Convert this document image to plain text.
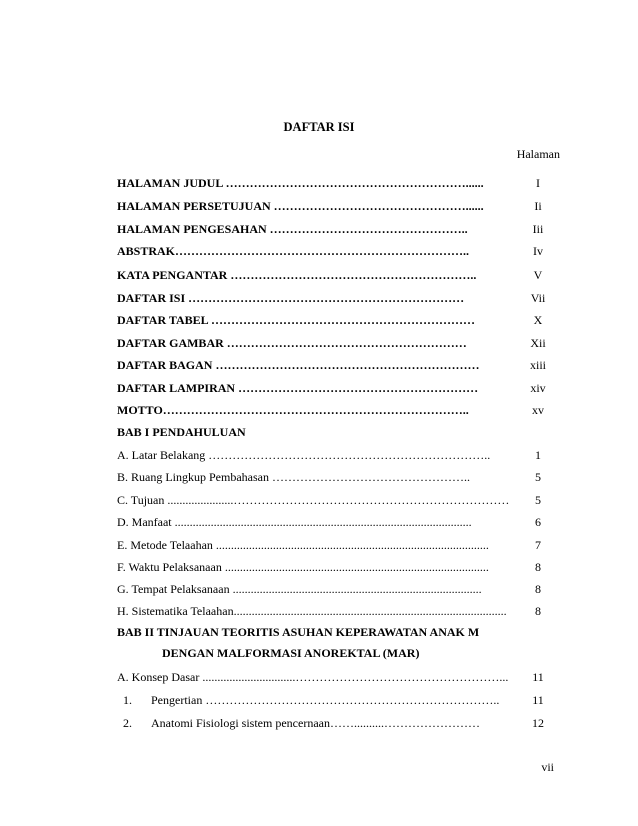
DAFTAR ISI
Halaman
HALAMAN JUDUL ……………………………………………………......	I
HALAMAN PERSETUJUAN …………………………………………......	Ii
HALAMAN PENGESAHAN …………………………………………..	Iii
ABSTRAK………………………………………………………………..	Iv
KATA PENGANTAR ……………………………………………………..	V
DAFTAR ISI ……………………………………………………………	Vii
DAFTAR TABEL …………………………………………………………	X
DAFTAR GAMBAR ……………………………………………………	Xii
DAFTAR BAGAN …………………………………………………………	xiii
DAFTAR LAMPIRAN ……………………………………………………	xiv
MOTTO…………………………………………………………………..	xv
BAB I PENDAHULUAN
A. Latar Belakang ……………………………………………………………..	1
B. Ruang Lingkup Pembahasan …………………………………………..	5
C. Tujuan ......................……………………………………………………………	5
D. Manfaat ...................................................................................................	6
E. Metode Telaahan ...........................................................................................	7
F. Waktu Pelaksanaan ........................................................................................	8
G. Tempat Pelaksanaan ...................................................................................	8
H. Sistematika Telaahan...........................................................................................	8
BAB II TINJAUAN TEORITIS ASUHAN KEPERAWATAN ANAK M
DENGAN MALFORMASI ANOREKTAL (MAR)
A. Konsep Dasar ...............................……………………………………………...	11
1. Pengertian ………………………………………………………………..	11
2. Anatomi Fisiologi sistem pencernaan……..........……………………	12
vii
